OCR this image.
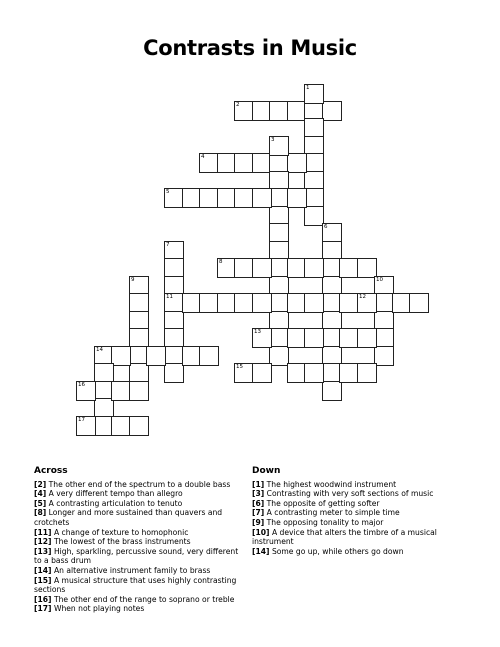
Contrasts in Music
1
2
3
4
5
6
7
8
9	10
11	12
13
14
15
16
17
Across
[2] The other end of the spectrum to a double bass
[4] A very different tempo than allegro
[5] A contrasting articulation to tenuto
[8] Longer and more sustained than quavers and crotchets
[11] A change of texture to homophonic
[12] The lowest of the brass instruments
[13] High, sparkling, percussive sound, very different to a bass drum
[14] An alternative instrument family to brass
[15] A musical structure that uses highly contrasting sections
[16] The other end of the range to soprano or treble
[17] When not playing notes
Down
[1] The highest woodwind instrument
[3] Contrasting with very soft sections of music
[6] The opposite of getting softer
[7] A contrasting meter to simple time
[9] The opposing tonality to major
[10] A device that alters the timbre of a musical instrument
[14] Some go up, while others go down
